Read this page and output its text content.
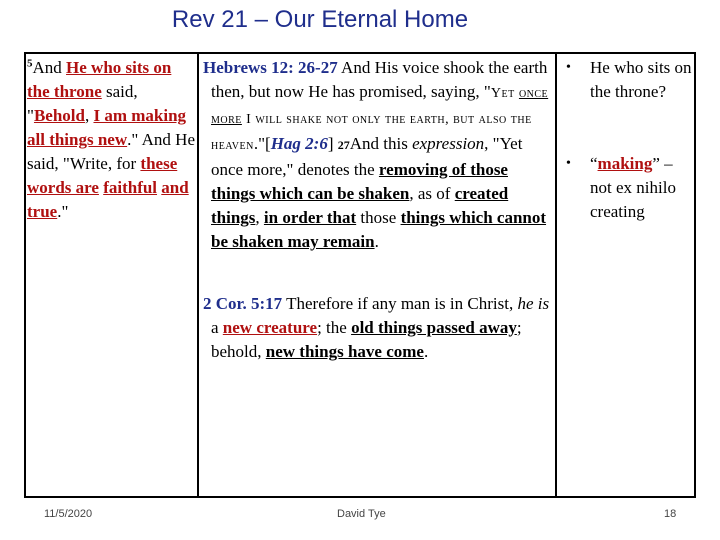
Rev 21 – Our Eternal Home
$^5$And He who sits on the throne said, "Behold, I am making all things new." And He said, "Write, for these words are faithful and true."
Hebrews 12: 26-27 And His voice shook the earth then, but now He has promised, saying, "Yet once more I will shake not only the earth, but also the heaven."[Hag 2:6] 27And this expression, "Yet once more," denotes the removing of those things which can be shaken, as of created things, in order that those things which cannot be shaken may remain.
2 Cor. 5:17 Therefore if any man is in Christ, he is a new creature; the old things passed away; behold, new things have come.
• He who sits on the throne?
• “making” – not ex nihilo creating
11/5/2020	David Tye	18
